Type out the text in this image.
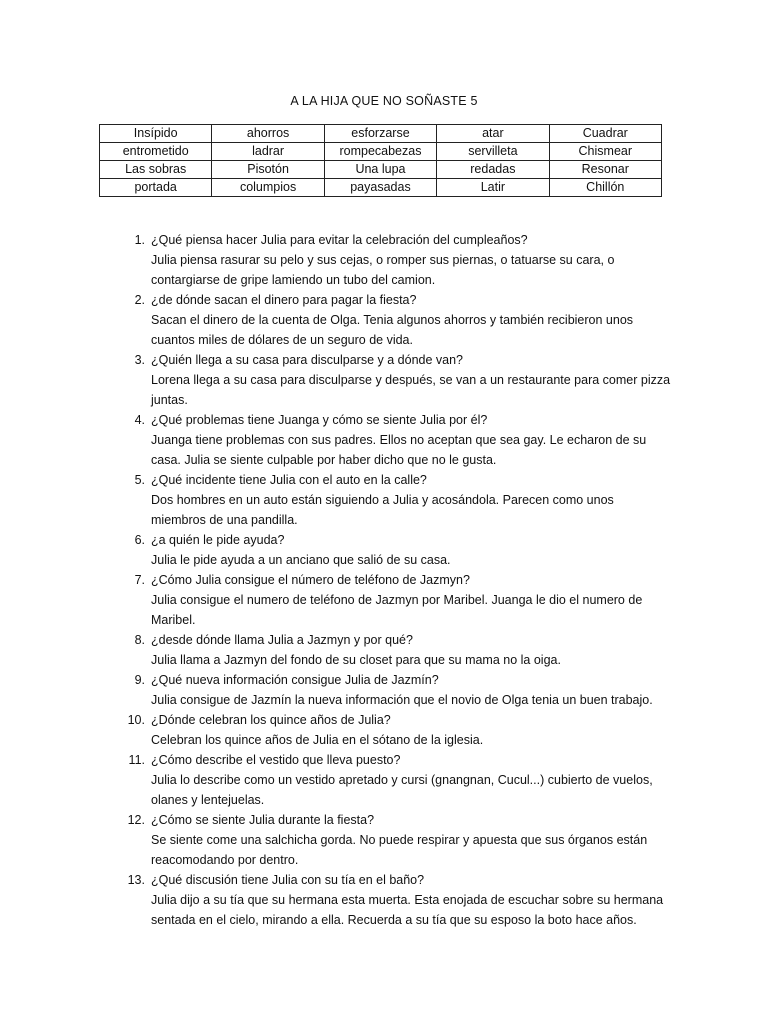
A LA HIJA QUE NO SOÑASTE 5
Insípido	ahorros	esforzarse	atar	Cuadrar
entrometido	ladrar	rompecabezas	servilleta	Chismear
Las sobras	Pisotón	Una lupa	redadas	Resonar
portada	columpios	payasadas	Latir	Chillón
1. ¿Qué piensa hacer Julia para evitar la celebración del cumpleaños?
Julia piensa rasurar su pelo y sus cejas, o romper sus piernas, o tatuarse su cara, o contargiarse de gripe lamiendo un tubo del camion.
2. ¿de dónde sacan el dinero para pagar la fiesta?
Sacan el dinero de la cuenta de Olga. Tenia algunos ahorros y también recibieron unos cuantos miles de dólares de un seguro de vida.
3. ¿Quién llega a su casa para disculparse y a dónde van?
Lorena llega a su casa para disculparse y después, se van a un restaurante para comer pizza juntas.
4. ¿Qué problemas tiene Juanga y cómo se siente Julia por él?
Juanga tiene problemas con sus padres. Ellos no aceptan que sea gay. Le echaron de su casa. Julia se siente culpable por haber dicho que no le gusta.
5. ¿Qué incidente tiene Julia con el auto en la calle?
Dos hombres en un auto están siguiendo a Julia y acosándola. Parecen como unos miembros de una pandilla.
6. ¿a quién le pide ayuda?
Julia le pide ayuda a un anciano que salió de su casa.
7. ¿Cómo Julia consigue el número de teléfono de Jazmyn?
Julia consigue el numero de teléfono de Jazmyn por Maribel. Juanga le dio el numero de Maribel.
8. ¿desde dónde llama Julia a Jazmyn y por qué?
Julia llama a Jazmyn del fondo de su closet para que su mama no la oiga.
9. ¿Qué nueva información consigue Julia de Jazmín?
Julia consigue de Jazmín la nueva información que el novio de Olga tenia un buen trabajo.
10. ¿Dónde celebran los quince años de Julia?
Celebran los quince años de Julia en el sótano de la iglesia.
11. ¿Cómo describe el vestido que lleva puesto?
Julia lo describe como un vestido apretado y cursi (gnangnan, Cucul...) cubierto de vuelos, olanes y lentejuelas.
12. ¿Cómo se siente Julia durante la fiesta?
Se siente come una salchicha gorda. No puede respirar y apuesta que sus órganos están reacomodando por dentro.
13. ¿Qué discusión tiene Julia con su tía en el baño?
Julia dijo a su tía que su hermana esta muerta. Esta enojada de escuchar sobre su hermana sentada en el cielo, mirando a ella. Recuerda a su tía que su esposo la boto hace años.
